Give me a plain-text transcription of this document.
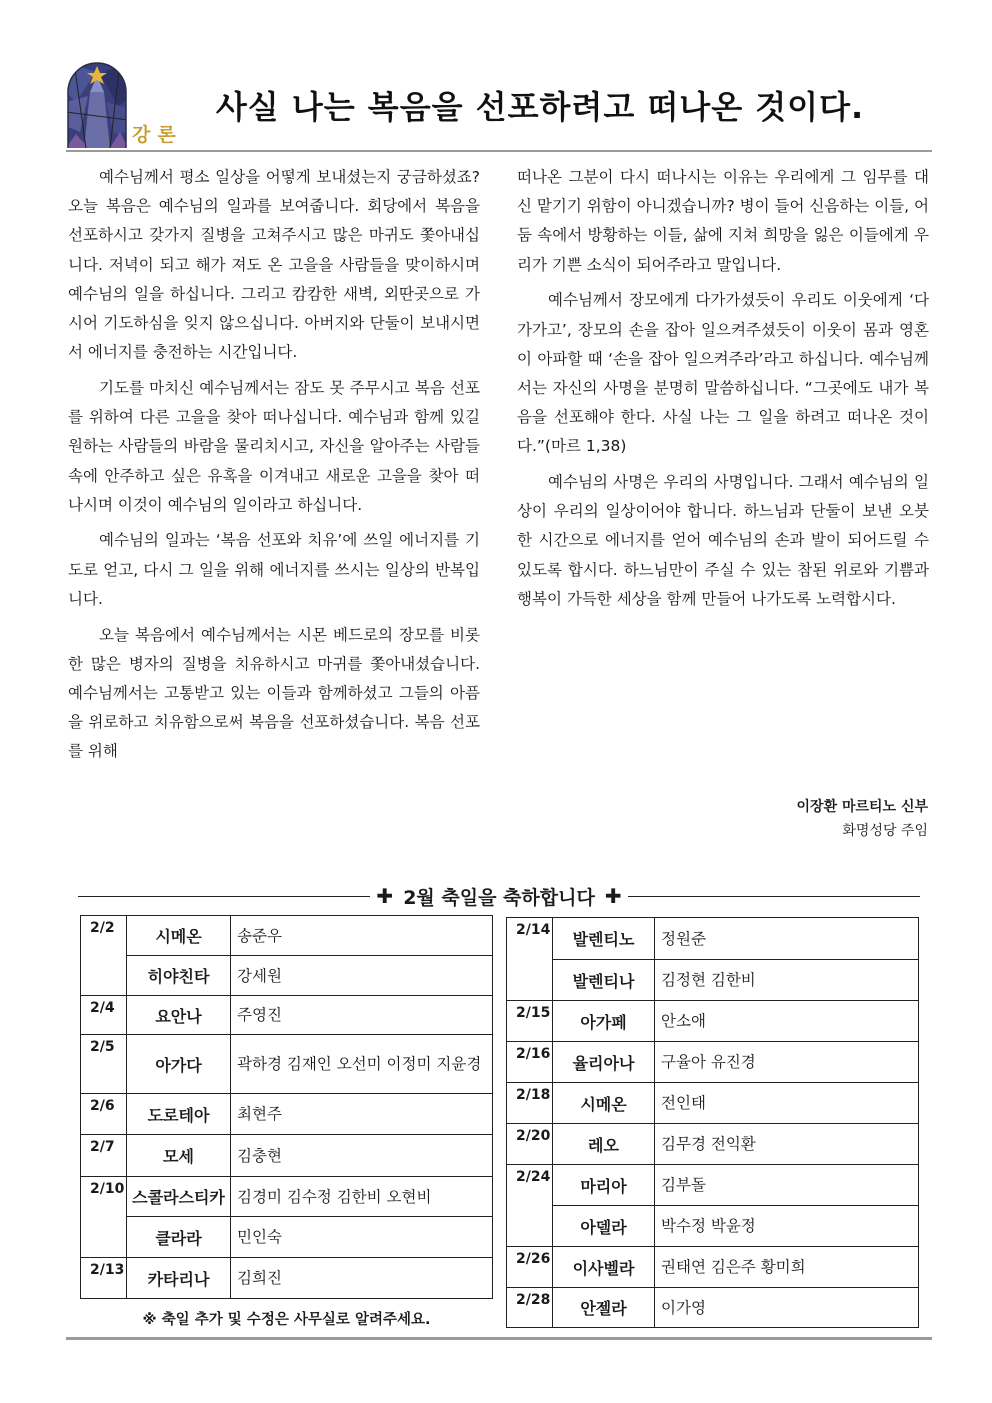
강론
사실 나는 복음을 선포하려고 떠나온 것이다.

예수님께서 평소 일상을 어떻게 보내셨는지 궁금하셨죠? 오늘 복음은 예수님의 일과를 보여줍니다. 회당에서 복음을 선포하시고 갖가지 질병을 고쳐주시고 많은 마귀도 쫓아내십니다. 저녁이 되고 해가 져도 온 고을을 사람들을 맞이하시며 예수님의 일을 하십니다. 그리고 캄캄한 새벽, 외딴곳으로 가시어 기도하심을 잊지 않으십니다. 아버지와 단둘이 보내시면서 에너지를 충전하는 시간입니다.

기도를 마치신 예수님께서는 잠도 못 주무시고 복음 선포를 위하여 다른 고을을 찾아 떠나십니다. 예수님과 함께 있길 원하는 사람들의 바람을 물리치시고, 자신을 알아주는 사람들 속에 안주하고 싶은 유혹을 이겨내고 새로운 고을을 찾아 떠나시며 이것이 예수님의 일이라고 하십니다.

예수님의 일과는 ‘복음 선포와 치유’에 쓰일 에너지를 기도로 얻고, 다시 그 일을 위해 에너지를 쓰시는 일상의 반복입니다.

오늘 복음에서 예수님께서는 시몬 베드로의 장모를 비롯한 많은 병자의 질병을 치유하시고 마귀를 쫓아내셨습니다. 예수님께서는 고통받고 있는 이들과 함께하셨고 그들의 아픔을 위로하고 치유함으로써 복음을 선포하셨습니다. 복음 선포를 위해

떠나온 그분이 다시 떠나시는 이유는 우리에게 그 임무를 대신 맡기기 위함이 아니겠습니까? 병이 들어 신음하는 이들, 어둠 속에서 방황하는 이들, 삶에 지쳐 희망을 잃은 이들에게 우리가 기쁜 소식이 되어주라고 말입니다.

예수님께서 장모에게 다가가셨듯이 우리도 이웃에게 ‘다가가고’, 장모의 손을 잡아 일으켜주셨듯이 이웃이 몸과 영혼이 아파할 때 ‘손을 잡아 일으켜주라’라고 하십니다. 예수님께서는 자신의 사명을 분명히 말씀하십니다. “그곳에도 내가 복음을 선포해야 한다. 사실 나는 그 일을 하려고 떠나온 것이다.”(마르 1,38)

예수님의 사명은 우리의 사명입니다. 그래서 예수님의 일상이 우리의 일상이어야 합니다. 하느님과 단둘이 보낸 오붓한 시간으로 에너지를 얻어 예수님의 손과 발이 되어드릴 수 있도록 합시다. 하느님만이 주실 수 있는 참된 위로와 기쁨과 행복이 가득한 세상을 함께 만들어 나가도록 노력합시다.

이장환 마르티노 신부
화명성당 주임
✚ 2월 축일을 축하합니다 ✚
2/2	시메온	송준우
	히야친타	강세원
2/4	요안나	주영진
2/5	아가다	곽하경 김재인 오선미 이정미 지윤경
2/6	도로테아	최현주
2/7	모세	김충현
2/10	스콜라스티카	김경미 김수정 김한비 오현비
	클라라	민인숙
2/13	카타리나	김희진
※ 축일 추가 및 수정은 사무실로 알려주세요.
2/14	발렌티노	정원준
	발렌티나	김정현 김한비
2/15	아가페	안소애
2/16	율리아나	구율아 유진경
2/18	시메온	전인태
2/20	레오	김무경 전익환
2/24	마리아	김부돌
	아델라	박수정 박윤정
2/26	이사벨라	권태연 김은주 황미희
2/28	안젤라	이가영
